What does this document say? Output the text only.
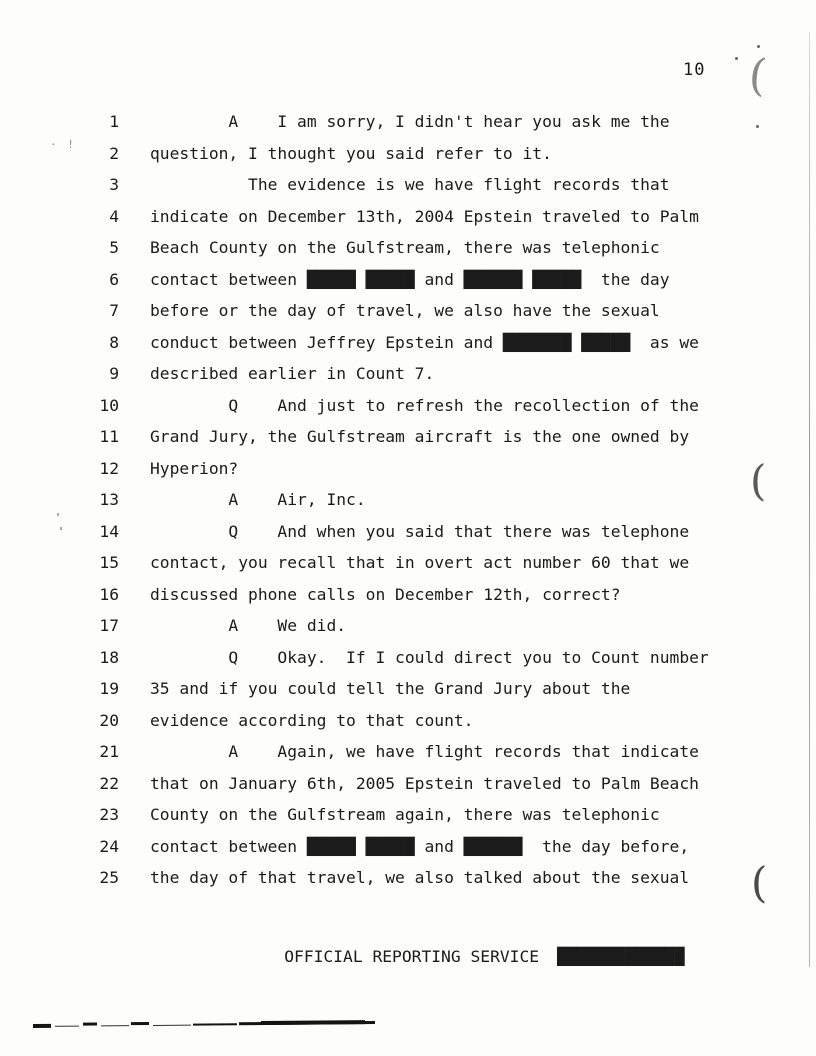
10
1 A    I am sorry, I didn't hear you ask me the
2 question, I thought you said refer to it.
3 The evidence is we have flight records that
4 indicate on December 13th, 2004 Epstein traveled to Palm
5 Beach County on the Gulfstream, there was telephonic
6 contact between █████ █████ and ██████ █████  the day
7 before or the day of travel, we also have the sexual
8 conduct between Jeffrey Epstein and ███████ █████  as we
9 described earlier in Count 7.
10 Q    And just to refresh the recollection of the
11 Grand Jury, the Gulfstream aircraft is the one owned by
12 Hyperion?
13 A    Air, Inc.
14 Q    And when you said that there was telephone
15 contact, you recall that in overt act number 60 that we
16 discussed phone calls on December 12th, correct?
17 A    We did.
18 Q    Okay.  If I could direct you to Count number
19 35 and if you could tell the Grand Jury about the
20 evidence according to that count.
21 A    Again, we have flight records that indicate
22 that on January 6th, 2005 Epstein traveled to Palm Beach
23 County on the Gulfstream again, there was telephonic
24 contact between █████ █████ and ██████  the day before,
25 the day of that travel, we also talked about the sexual

OFFICIAL REPORTING SERVICE █████████████

(
(
(
· !
